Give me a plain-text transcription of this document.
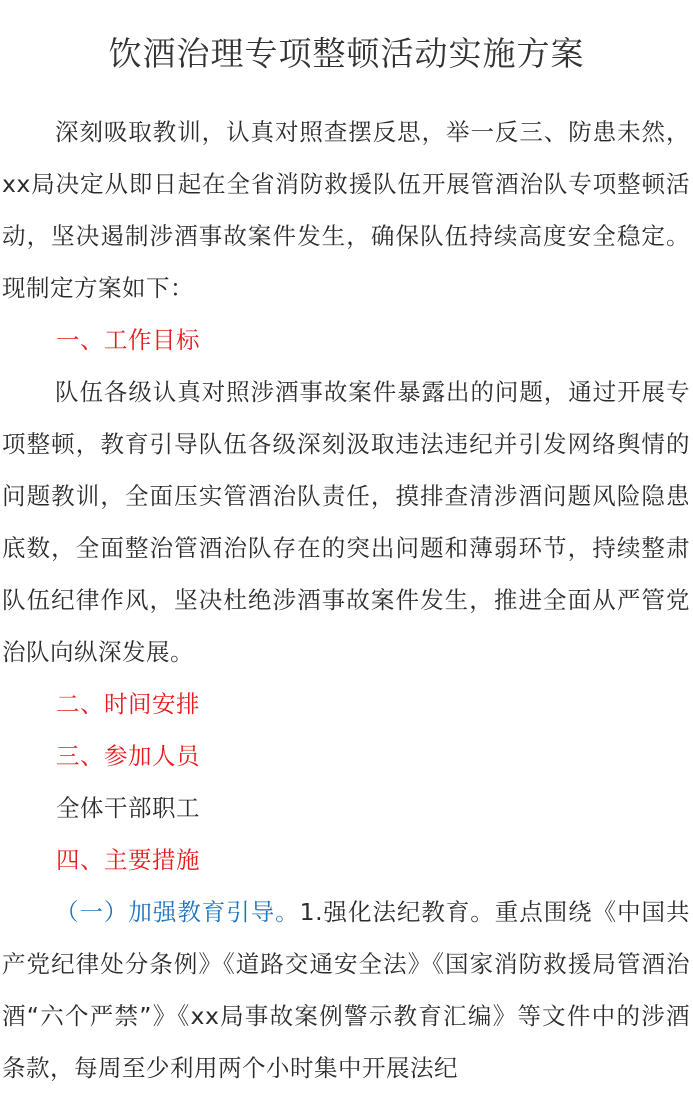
饮酒治理专项整顿活动实施方案

深刻吸取教训，认真对照查摆反思，举一反三、防患未然，xx局决定从即日起在全省消防救援队伍开展管酒治队专项整顿活动，坚决遏制涉酒事故案件发生，确保队伍持续高度安全稳定。现制定方案如下：

一、工作目标

队伍各级认真对照涉酒事故案件暴露出的问题，通过开展专项整顿，教育引导队伍各级深刻汲取违法违纪并引发网络舆情的问题教训，全面压实管酒治队责任，摸排查清涉酒问题风险隐患底数，全面整治管酒治队存在的突出问题和薄弱环节，持续整肃队伍纪律作风，坚决杜绝涉酒事故案件发生，推进全面从严管党治队向纵深发展。

二、时间安排

三、参加人员

全体干部职工

四、主要措施

（一）加强教育引导。1.强化法纪教育。重点围绕《中国共产党纪律处分条例》《道路交通安全法》《国家消防救援局管酒治酒“六个严禁”》《xx局事故案例警示教育汇编》等文件中的涉酒条款，每周至少利用两个小时集中开展法纪
